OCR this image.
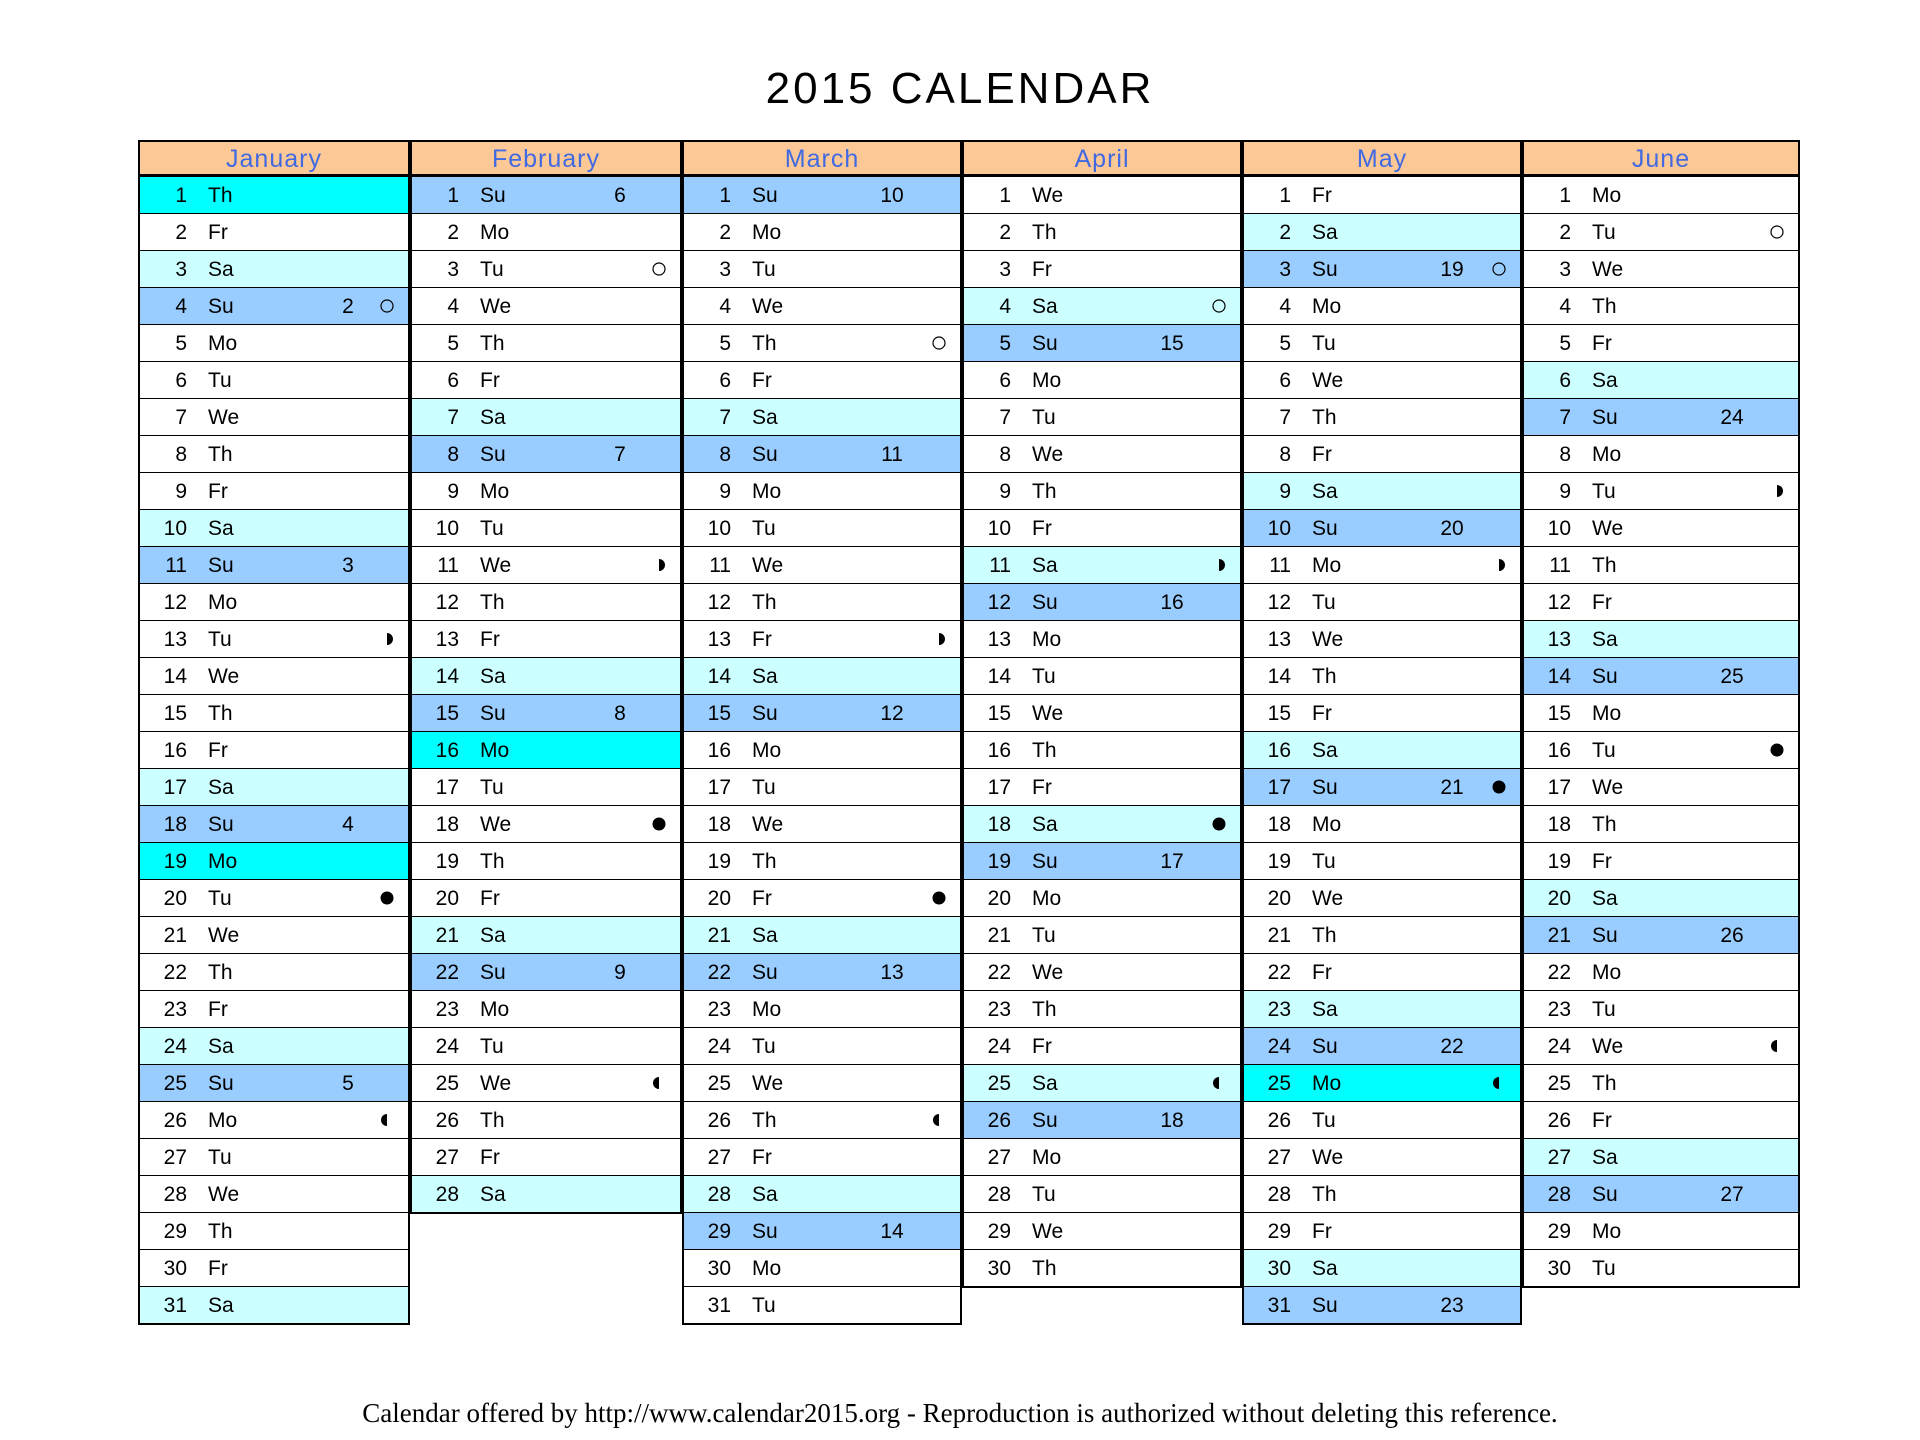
2015 CALENDAR
January
1 Th
2 Fr
3 Sa
4 Su	2
5 Mo
6 Tu
7 We
8 Th
9 Fr
10 Sa
11 Su	3
12 Mo
13 Tu
14 We
15 Th
16 Fr
17 Sa
18 Su	4
19 Mo
20 Tu
21 We
22 Th
23 Fr
24 Sa
25 Su	5
26 Mo
27 Tu
28 We
29 Th
30 Fr
31 Sa
February
1 Su	6
2 Mo
3 Tu
4 We
5 Th
6 Fr
7 Sa
8 Su	7
9 Mo
10 Tu
11 We
12 Th
13 Fr
14 Sa
15 Su	8
16 Mo
17 Tu
18 We
19 Th
20 Fr
21 Sa
22 Su	9
23 Mo
24 Tu
25 We
26 Th
27 Fr
28 Sa
March
1 Su	10
2 Mo
3 Tu
4 We
5 Th
6 Fr
7 Sa
8 Su	11
9 Mo
10 Tu
11 We
12 Th
13 Fr
14 Sa
15 Su	12
16 Mo
17 Tu
18 We
19 Th
20 Fr
21 Sa
22 Su	13
23 Mo
24 Tu
25 We
26 Th
27 Fr
28 Sa
29 Su	14
30 Mo
31 Tu
April
1 We
2 Th
3 Fr
4 Sa
5 Su	15
6 Mo
7 Tu
8 We
9 Th
10 Fr
11 Sa
12 Su	16
13 Mo
14 Tu
15 We
16 Th
17 Fr
18 Sa
19 Su	17
20 Mo
21 Tu
22 We
23 Th
24 Fr
25 Sa
26 Su	18
27 Mo
28 Tu
29 We
30 Th
May
1 Fr
2 Sa
3 Su	19
4 Mo
5 Tu
6 We
7 Th
8 Fr
9 Sa
10 Su	20
11 Mo
12 Tu
13 We
14 Th
15 Fr
16 Sa
17 Su	21
18 Mo
19 Tu
20 We
21 Th
22 Fr
23 Sa
24 Su	22
25 Mo
26 Tu
27 We
28 Th
29 Fr
30 Sa
31 Su	23
June
1 Mo
2 Tu
3 We
4 Th
5 Fr
6 Sa
7 Su	24
8 Mo
9 Tu
10 We
11 Th
12 Fr
13 Sa
14 Su	25
15 Mo
16 Tu
17 We
18 Th
19 Fr
20 Sa
21 Su	26
22 Mo
23 Tu
24 We
25 Th
26 Fr
27 Sa
28 Su	27
29 Mo
30 Tu
Calendar offered by http://www.calendar2015.org - Reproduction is authorized without deleting this reference.
